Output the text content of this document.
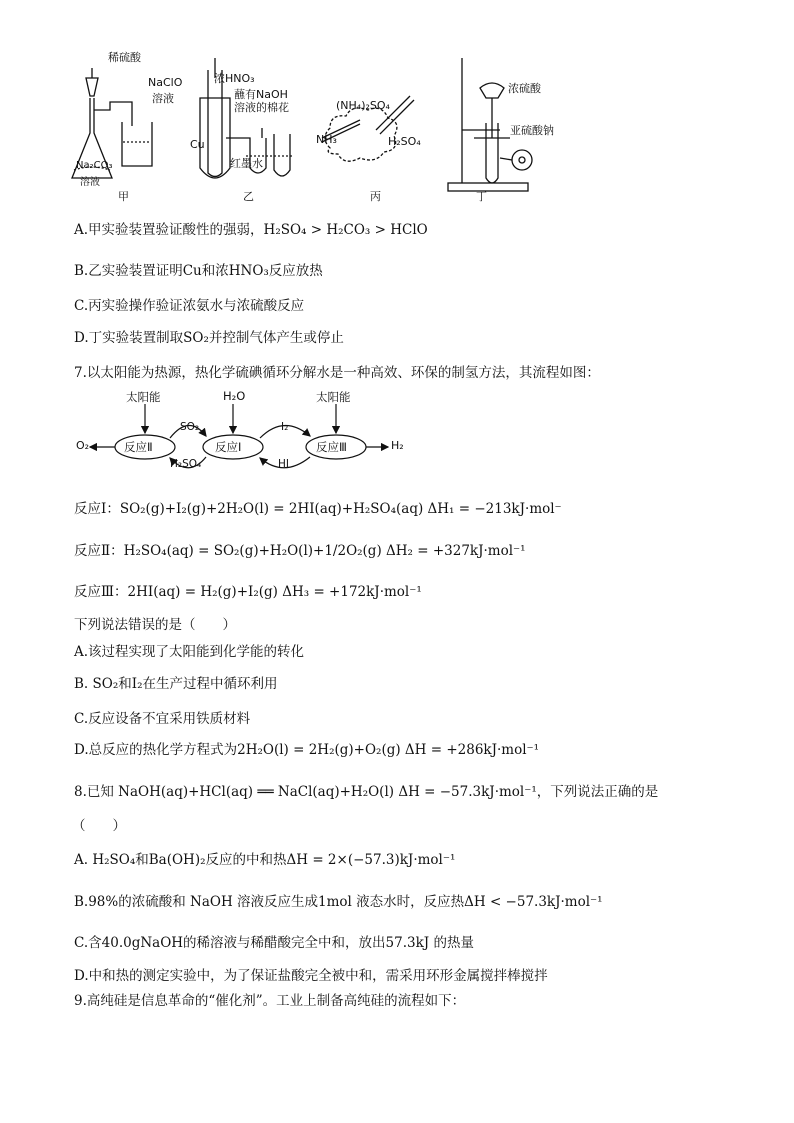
稀硫酸
NaClO
溶液
Na₂CO₃
溶液
甲
浓HNO₃
蘸有NaOH
溶液的棉花
Cu
红墨水
乙
(NH₄)₂SO₄
NH₃	H₂SO₄
丙
浓硫酸
亚硫酸钠
丁
A.甲实验装置验证酸性的强弱，H₂SO₄ > H₂CO₃ > HClO
B.乙实验装置证明Cu和浓HNO₃反应放热
C.丙实验操作验证浓氨水与浓硫酸反应
D.丁实验装置制取SO₂并控制气体产生或停止
7.以太阳能为热源，热化学硫碘循环分解水是一种高效、环保的制氢方法，其流程如图：
太阳能	H₂O	太阳能
O₂	反应Ⅱ	反应Ⅰ	反应Ⅲ	H₂
SO₂
H₂SO₄
I₂
HI
反应Ⅰ：SO₂(g)+I₂(g)+2H₂O(l) = 2HI(aq)+H₂SO₄(aq) ΔH₁ = −213kJ·mol⁻
反应Ⅱ：H₂SO₄(aq) = SO₂(g)+H₂O(l)+1/2O₂(g) ΔH₂ = +327kJ·mol⁻¹
反应Ⅲ：2HI(aq) = H₂(g)+I₂(g) ΔH₃ = +172kJ·mol⁻¹
下列说法错误的是（　　）
A.该过程实现了太阳能到化学能的转化
B. SO₂和I₂在生产过程中循环利用
C.反应设备不宜采用铁质材料
D.总反应的热化学方程式为2H₂O(l) = 2H₂(g)+O₂(g) ΔH = +286kJ·mol⁻¹
8.已知 NaOH(aq)+HCl(aq) ══ NaCl(aq)+H₂O(l) ΔH = −57.3kJ·mol⁻¹，下列说法正确的是
（　　）
A. H₂SO₄和Ba(OH)₂反应的中和热ΔH = 2×(−57.3)kJ·mol⁻¹
B.98%的浓硫酸和 NaOH 溶液反应生成1mol 液态水时，反应热ΔH < −57.3kJ·mol⁻¹
C.含40.0gNaOH的稀溶液与稀醋酸完全中和，放出57.3kJ 的热量
D.中和热的测定实验中，为了保证盐酸完全被中和，需采用环形金属搅拌棒搅拌
9.高纯硅是信息革命的“催化剂”。工业上制备高纯硅的流程如下：
